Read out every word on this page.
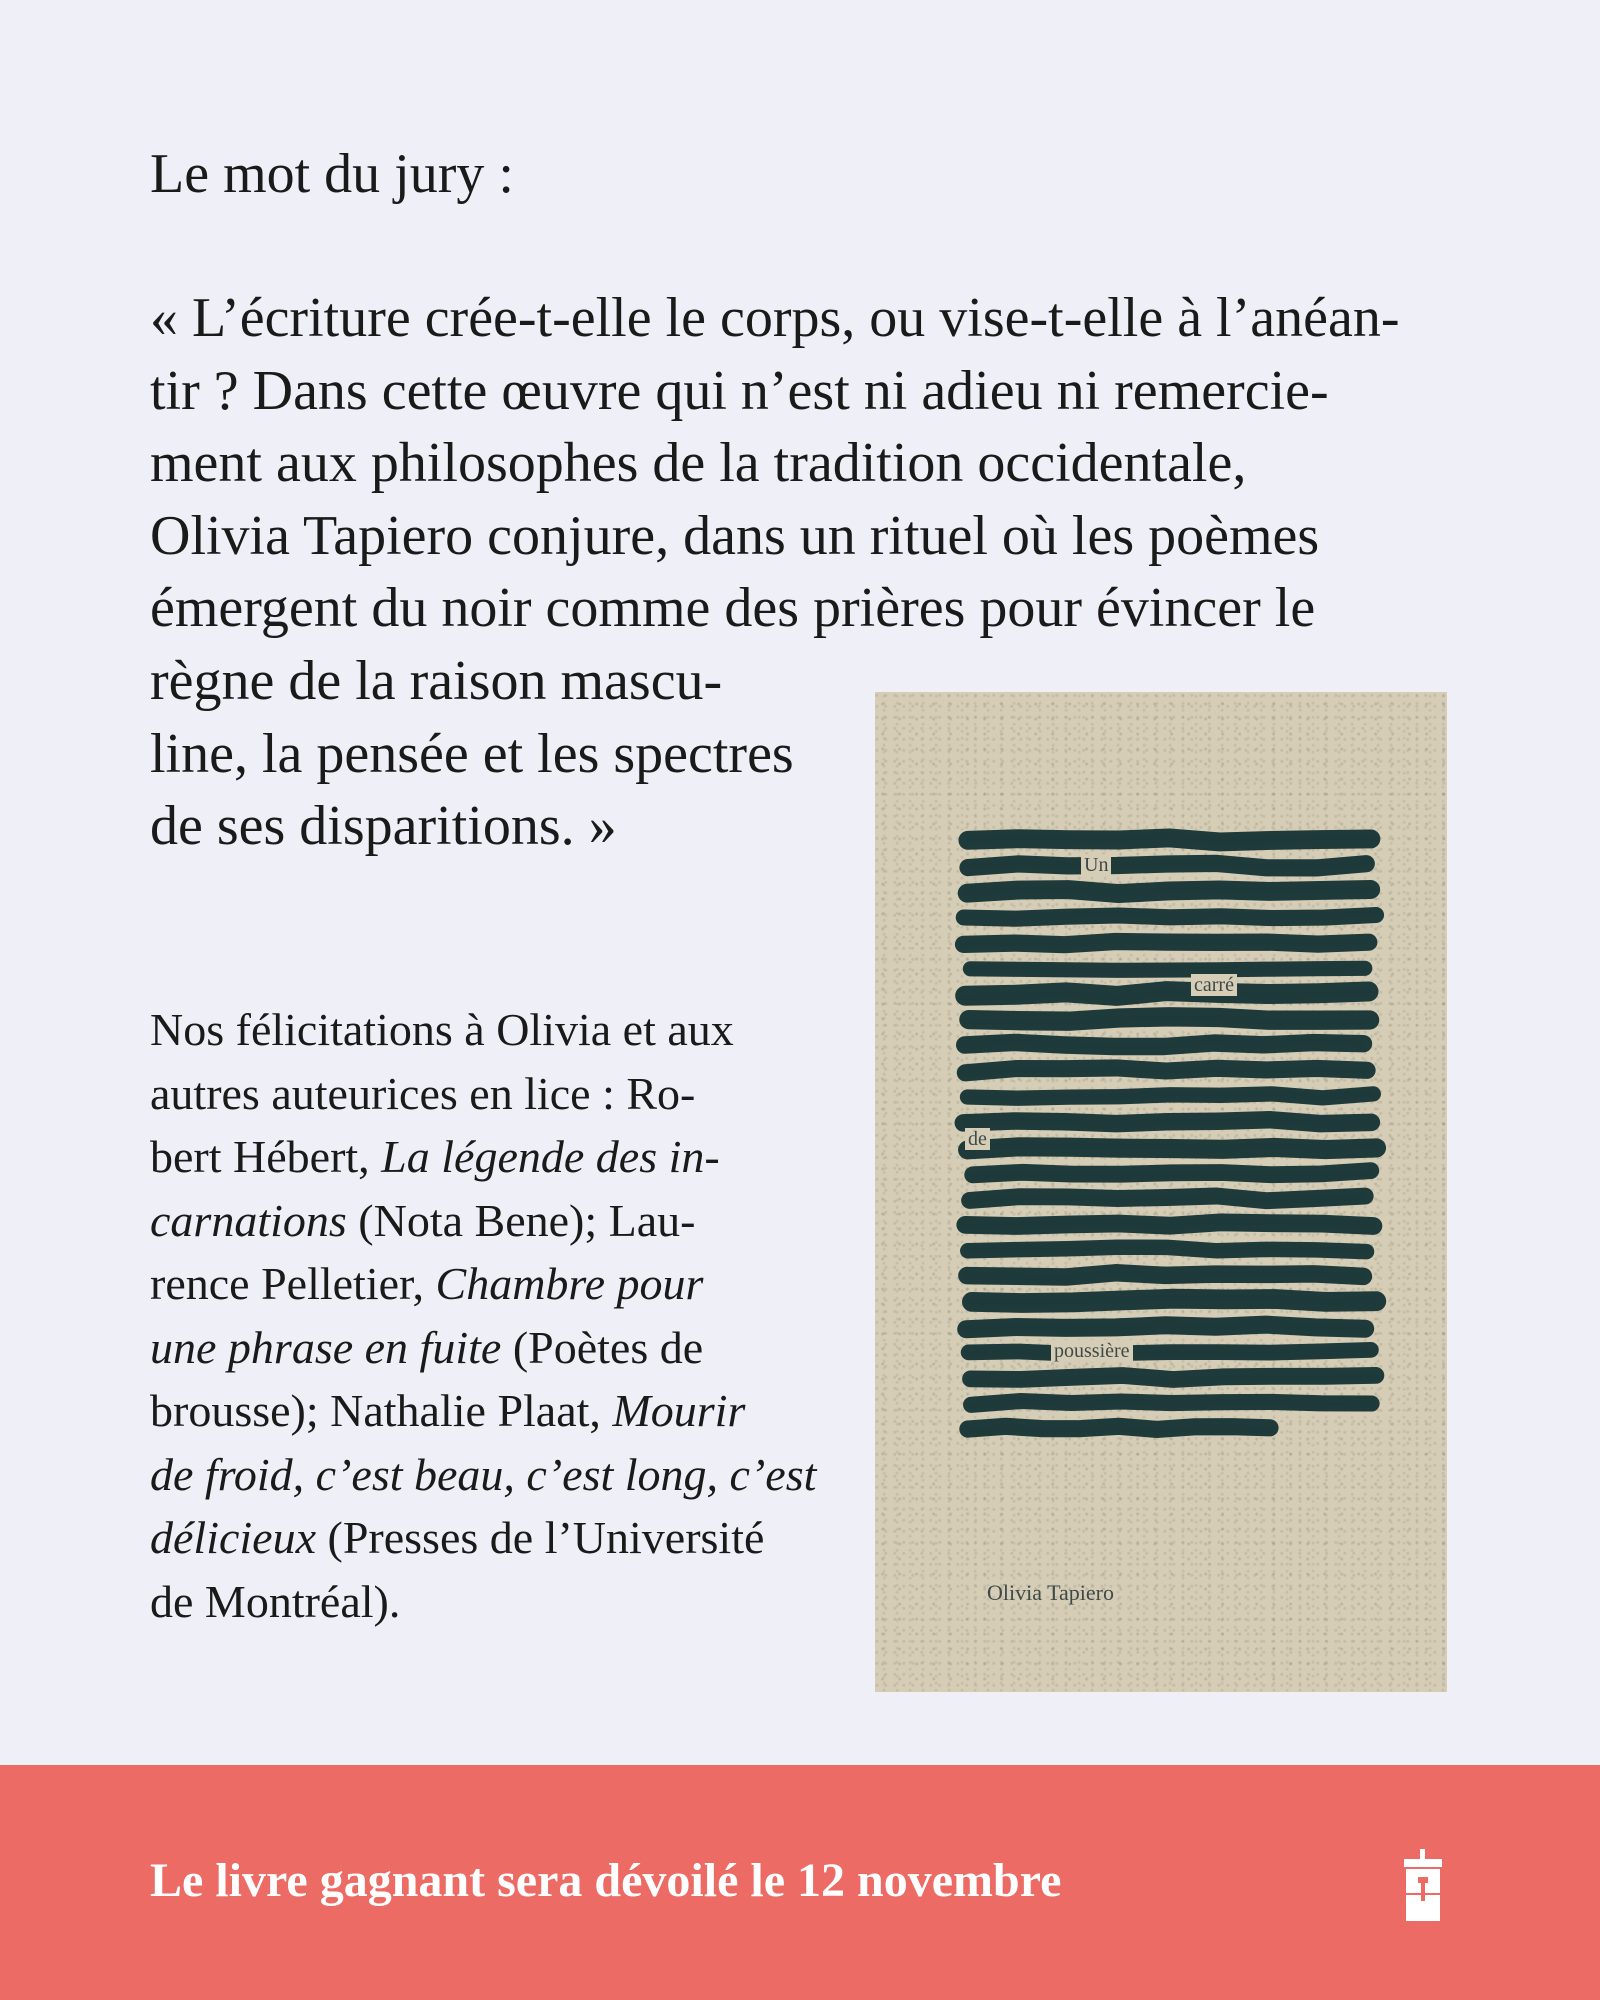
Le mot du jury :

« L’écriture crée-t-elle le corps, ou vise-t-elle à l’anéan-
tir ? Dans cette œuvre qui n’est ni adieu ni remercie-
ment aux philosophes de la tradition occidentale,
Olivia Tapiero conjure, dans un rituel où les poèmes
émergent du noir comme des prières pour évincer le

règne de la raison mascu-
line, la pensée et les spectres
de ses disparitions. »

Nos félicitations à Olivia et aux
autres auteurices en lice : Ro-
bert Hébert, La légende des in-
carnations (Nota Bene); Lau-
rence Pelletier, Chambre pour
une phrase en fuite (Poètes de
brousse); Nathalie Plaat, Mourir
de froid, c’est beau, c’est long, c’est
délicieux (Presses de l’Université
de Montréal).

Un
carré
de
poussière
Olivia Tapiero

Le livre gagnant sera dévoilé le 12 novembre
